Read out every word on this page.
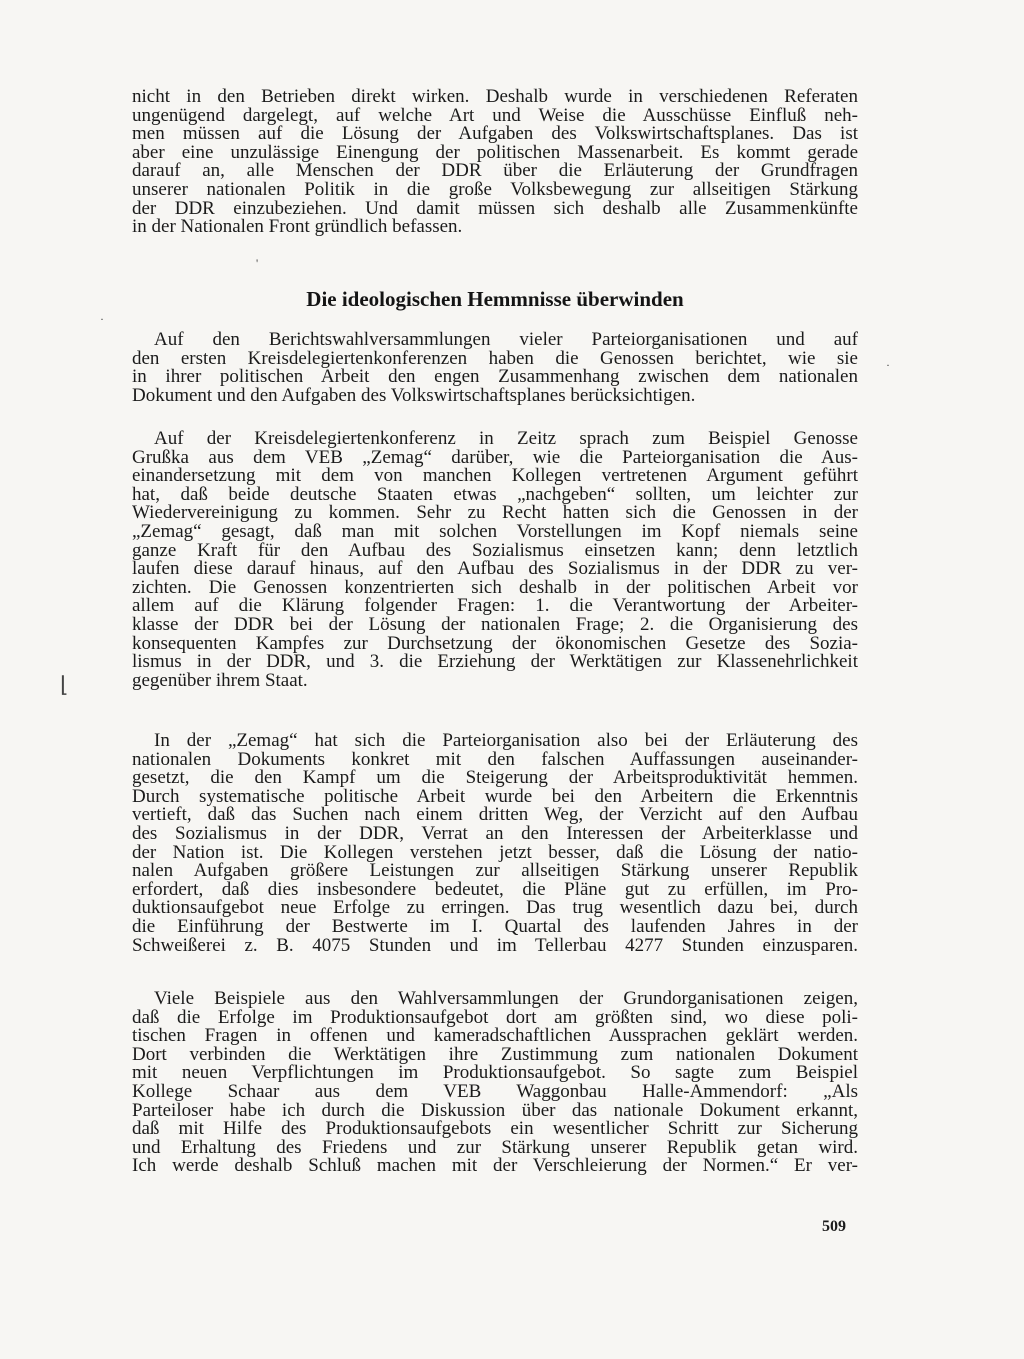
nicht in den Betrieben direkt wirken. Deshalb wurde in verschiedenen Referaten
ungenügend dargelegt, auf welche Art und Weise die Ausschüsse Einfluß neh-
men müssen auf die Lösung der Aufgaben des Volkswirtschaftsplanes. Das ist
aber eine unzulässige Einengung der politischen Massenarbeit. Es kommt gerade
darauf an, alle Menschen der DDR über die Erläuterung der Grundfragen
unserer nationalen Politik in die große Volksbewegung zur allseitigen Stärkung
der DDR einzubeziehen. Und damit müssen sich deshalb alle Zusammenkünfte
in der Nationalen Front gründlich befassen.
Die ideologischen Hemmnisse überwinden
Auf den Berichtswahlversammlungen vieler Parteiorganisationen und auf
den ersten Kreisdelegiertenkonferenzen haben die Genossen berichtet, wie sie
in ihrer politischen Arbeit den engen Zusammenhang zwischen dem nationalen
Dokument und den Aufgaben des Volkswirtschaftsplanes berücksichtigen.
Auf der Kreisdelegiertenkonferenz in Zeitz sprach zum Beispiel Genosse
Grußka aus dem VEB „Zemag“ darüber, wie die Parteiorganisation die Aus-
einandersetzung mit dem von manchen Kollegen vertretenen Argument geführt
hat, daß beide deutsche Staaten etwas „nachgeben“ sollten, um leichter zur
Wiedervereinigung zu kommen. Sehr zu Recht hatten sich die Genossen in der
„Zemag“ gesagt, daß man mit solchen Vorstellungen im Kopf niemals seine
ganze Kraft für den Aufbau des Sozialismus einsetzen kann; denn letztlich
laufen diese darauf hinaus, auf den Aufbau des Sozialismus in der DDR zu ver-
zichten. Die Genossen konzentrierten sich deshalb in der politischen Arbeit vor
allem auf die Klärung folgender Fragen: 1. die Verantwortung der Arbeiter-
klasse der DDR bei der Lösung der nationalen Frage; 2. die Organisierung des
konsequenten Kampfes zur Durchsetzung der ökonomischen Gesetze des Sozia-
lismus in der DDR, und 3. die Erziehung der Werktätigen zur Klassenehrlichkeit
gegenüber ihrem Staat.
In der „Zemag“ hat sich die Parteiorganisation also bei der Erläuterung des
nationalen Dokuments konkret mit den falschen Auffassungen auseinander-
gesetzt, die den Kampf um die Steigerung der Arbeitsproduktivität hemmen.
Durch systematische politische Arbeit wurde bei den Arbeitern die Erkenntnis
vertieft, daß das Suchen nach einem dritten Weg, der Verzicht auf den Aufbau
des Sozialismus in der DDR, Verrat an den Interessen der Arbeiterklasse und
der Nation ist. Die Kollegen verstehen jetzt besser, daß die Lösung der natio-
nalen Aufgaben größere Leistungen zur allseitigen Stärkung unserer Republik
erfordert, daß dies insbesondere bedeutet, die Pläne gut zu erfüllen, im Pro-
duktionsaufgebot neue Erfolge zu erringen. Das trug wesentlich dazu bei, durch
die Einführung der Bestwerte im I. Quartal des laufenden Jahres in der
Schweißerei z. B. 4075 Stunden und im Tellerbau 4277 Stunden einzusparen.
Viele Beispiele aus den Wahlversammlungen der Grundorganisationen zeigen,
daß die Erfolge im Produktionsaufgebot dort am größten sind, wo diese poli-
tischen Fragen in offenen und kameradschaftlichen Aussprachen geklärt werden.
Dort verbinden die Werktätigen ihre Zustimmung zum nationalen Dokument
mit neuen Verpflichtungen im Produktionsaufgebot. So sagte zum Beispiel
Kollege Schaar aus dem VEB Waggonbau Halle-Ammendorf: „Als
Parteiloser habe ich durch die Diskussion über das nationale Dokument erkannt,
daß mit Hilfe des Produktionsaufgebots ein wesentlicher Schritt zur Sicherung
und Erhaltung des Friedens und zur Stärkung unserer Republik getan wird.
Ich werde deshalb Schluß machen mit der Verschleierung der Normen.“ Er ver-
509
'
·
·
⌊
